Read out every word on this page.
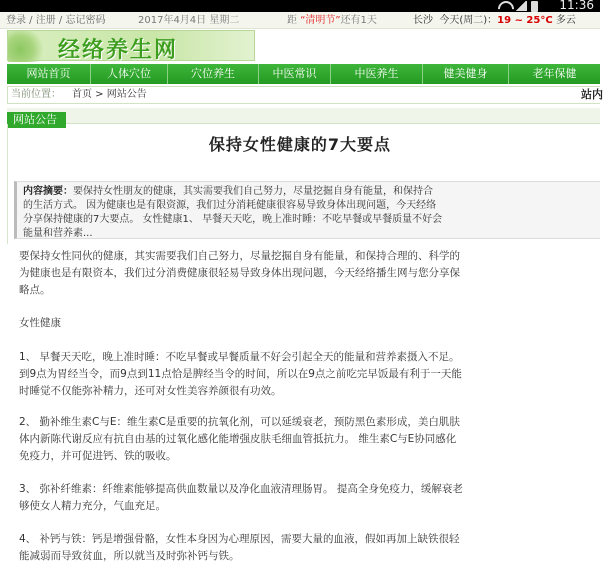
11:36
登录 / 注册 / 忘记密码	2017年4月4日 星期二	距 “清明节”还有1天	长沙 今天(周二)：19 ~ 25°C 多云
经络养生网
网站首页	人体穴位	穴位养生	中医常识	中医养生	健美健身	老年保健
当前位置： 首页 > 网站公告	站内
网站公告
保持女性健康的7大要点
内容摘要：要保持女性朋友的健康，其实需要我们自己努力，尽量挖掘自身有能量，和保持合
的生活方式。 因为健康也是有限资源，我们过分消耗健康很容易导致身体出现问题，今天经络
分享保持健康的7大要点。 女性健康1、 早餐天天吃，晚上准时睡：不吃早餐或早餐质量不好会
能量和营养素...
要保持女性同伙的健康，其实需要我们自己努力，尽量挖掘自身有能量，和保持合理的、科学的
为健康也是有限资本，我们过分消费健康很轻易导致身体出现问题，今天经络播生网与您分享保
略点。
女性健康
1、 早餐天天吃，晚上准时睡：不吃早餐或早餐质量不好会引起全天的能量和营养素摄入不足。
到9点为胃经当令，而9点到11点恰是脾经当令的时间，所以在9点之前吃完早饭最有利于一天能
时睡觉不仅能弥补精力，还可对女性美容养颜很有功效。
2、 勤补维生素C与E：维生素C是重要的抗氧化剂，可以延缓衰老，预防黑色素形成，美白肌肤
体内新陈代谢反应有抗自由基的过氧化感化能增强皮肤毛细血管抵抗力。 维生素C与E协同感化
免疫力，并可促进钙、铁的吸收。
3、 弥补纤维素：纤维素能够提高供血数量以及净化血液清理肠胃。 提高全身免疫力，缓解衰老
够使女人精力充分，气血充足。
4、 补钙与铁：钙是增强骨骼，女性本身因为心理原因，需要大量的血液，假如再加上缺铁很轻
能减弱而导致贫血，所以就当及时弥补钙与铁。
